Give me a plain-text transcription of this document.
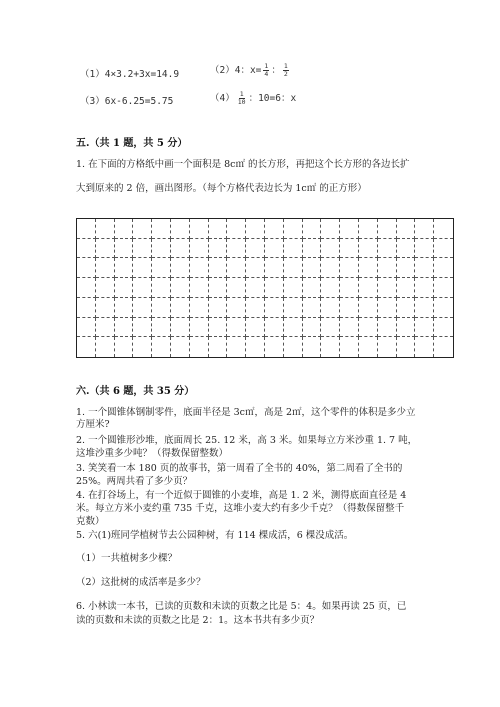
（1）4×3.2+3x=14.9	（2）4：$x= \frac{1}{4}$ ： $\frac{1}{2}$
（3）6x-6.25=5.75	$(4) \frac{1}{10}$ ：10=6：x
五.（共 1 题，共 5 分）
1. 在下面的方格纸中画一个面积是 8c㎡ 的长方形，再把这个长方形的各边长扩
大到原来的 2 倍，画出图形。（每个方格代表边长为 1c㎡ 的正方形）
六.（共 6 题，共 35 分）
1. 一个圆锥体钢制零件，底面半径是 3c㎡，高是 2㎡，这个零件的体积是多少立
方厘米?
2. 一个圆锥形沙堆，底面周长 25. 12 米，高 3 米。如果每立方米沙重 1. 7 吨，
这堆沙重多少吨？（得数保留整数）
3. 笑笑看一本 180 页的故事书，第一周看了全书的 40%，第二周看了全书的
25%。两周共看了多少页？
4. 在打谷场上，有一个近似于圆锥的小麦堆，高是 1. 2 米，测得底面直径是 4
米。每立方米小麦约重 735 千克，这堆小麦大约有多少千克？（得数保留整千
克数）
5. 六(1)班同学植树节去公园种树，有 114 棵成活，6 棵没成活。
（1）一共植树多少棵？
（2）这批树的成活率是多少？
6. 小林读一本书，已读的页数和未读的页数之比是 5：4。如果再读 25 页，已
读的页数和未读的页数之比是 2：1。这本书共有多少页？
